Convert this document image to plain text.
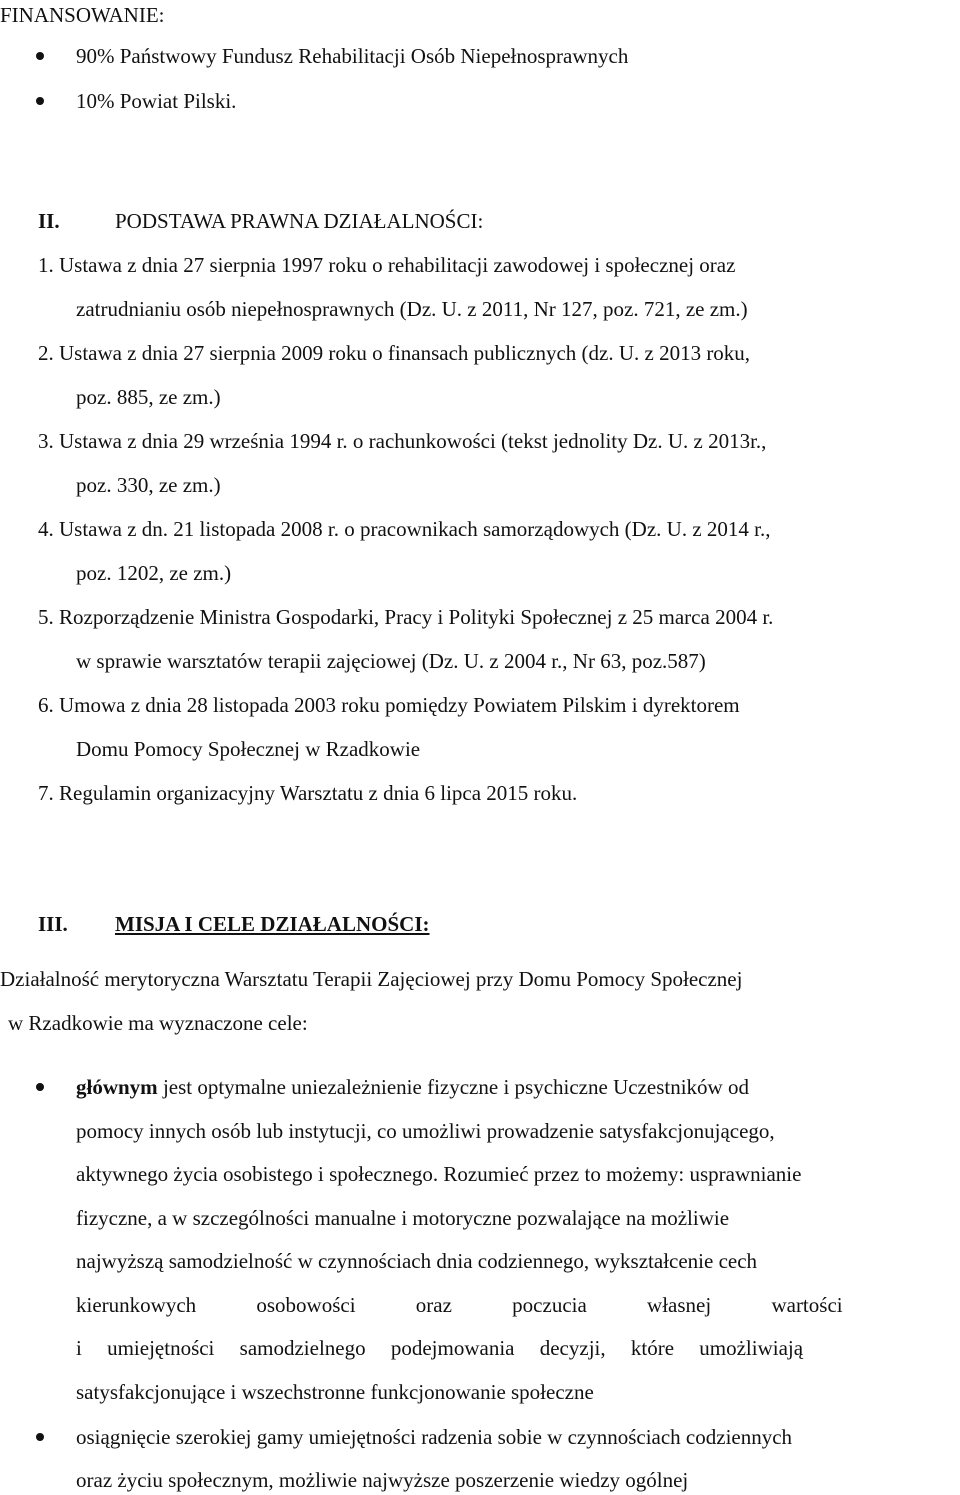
FINANSOWANIE:
90% Państwowy Fundusz Rehabilitacji Osób Niepełnosprawnych
10% Powiat Pilski.
II.	PODSTAWA PRAWNA DZIAŁALNOŚCI:
1. Ustawa z dnia 27 sierpnia 1997 roku o rehabilitacji zawodowej i społecznej oraz
zatrudnianiu osób niepełnosprawnych (Dz. U. z 2011, Nr 127, poz. 721, ze zm.)
2. Ustawa z dnia 27 sierpnia 2009 roku o finansach publicznych (dz. U. z 2013 roku,
poz. 885, ze zm.)
3. Ustawa z dnia 29 września 1994 r. o rachunkowości (tekst jednolity Dz. U. z 2013r.,
poz. 330, ze zm.)
4. Ustawa z dn. 21 listopada 2008 r. o pracownikach samorządowych (Dz. U. z 2014 r.,
poz. 1202, ze zm.)
5. Rozporządzenie Ministra Gospodarki, Pracy i Polityki Społecznej z 25 marca 2004 r.
w sprawie warsztatów terapii zajęciowej (Dz. U. z 2004 r., Nr 63, poz.587)
6. Umowa z dnia 28 listopada 2003 roku pomiędzy Powiatem Pilskim i dyrektorem
Domu Pomocy Społecznej w Rzadkowie
7. Regulamin organizacyjny Warsztatu z dnia 6 lipca 2015 roku.
III. MISJA I CELE DZIAŁALNOŚCI:
Działalność merytoryczna Warsztatu Terapii Zajęciowej przy Domu Pomocy Społecznej
w Rzadkowie ma wyznaczone cele:
głównym jest optymalne uniezależnienie fizyczne i psychiczne Uczestników od
pomocy innych osób lub instytucji, co umożliwi prowadzenie satysfakcjonującego,
aktywnego życia osobistego i społecznego. Rozumieć przez to możemy: usprawnianie
fizyczne, a w szczególności manualne i motoryczne pozwalające na możliwie
najwyższą samodzielność w czynnościach dnia codziennego, wykształcenie cech
kierunkowych osobowości oraz poczucia własnej wartości
i umiejętności samodzielnego podejmowania decyzji, które umożliwiają
satysfakcjonujące i wszechstronne funkcjonowanie społeczne
osiągnięcie szerokiej gamy umiejętności radzenia sobie w czynnościach codziennych
oraz życiu społecznym, możliwie najwyższe poszerzenie wiedzy ogólnej
